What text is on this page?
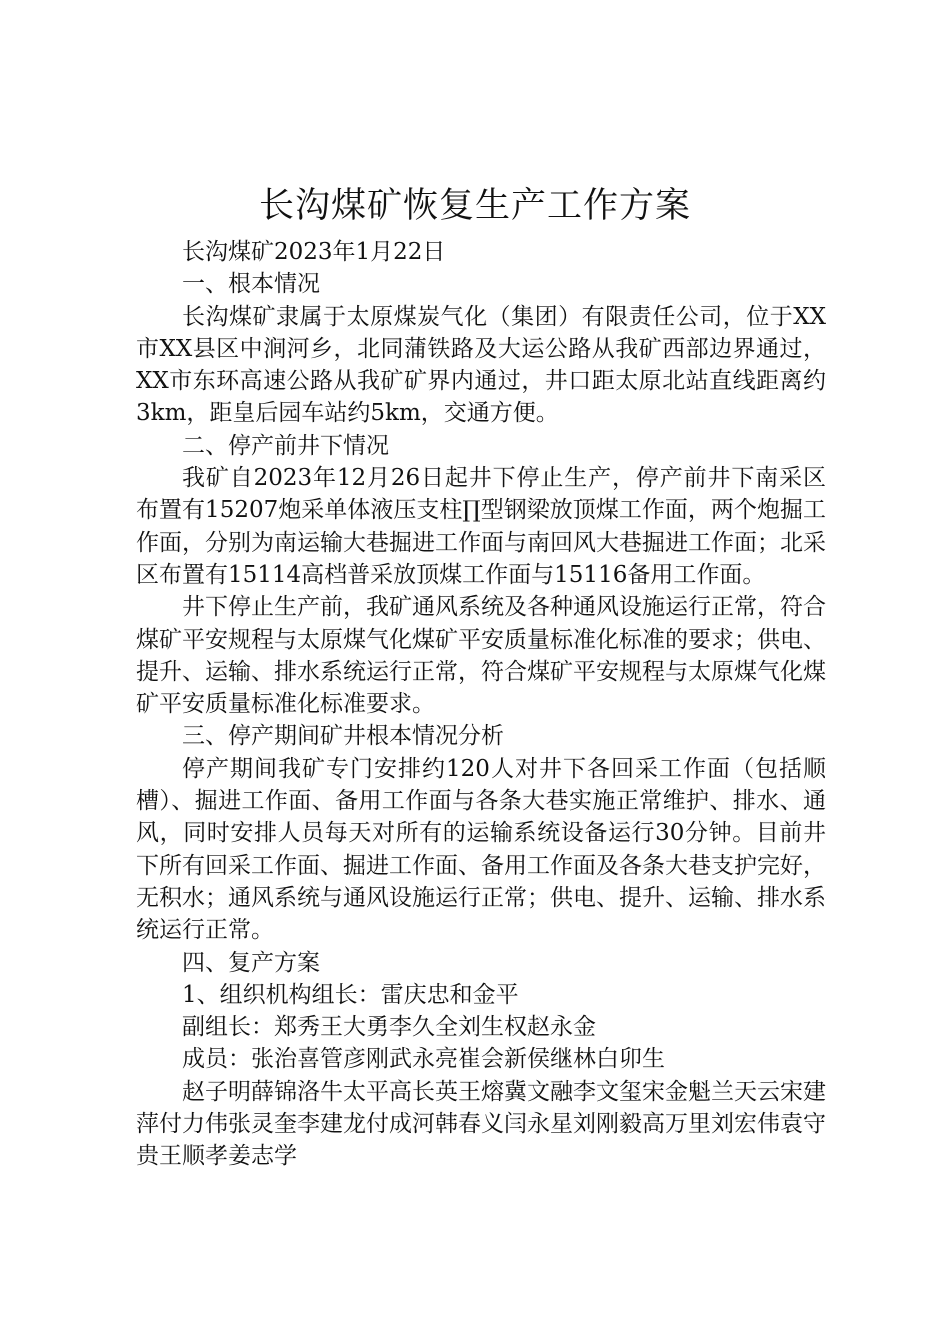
长沟煤矿恢复生产工作方案

长沟煤矿2023年1月22日

一、根本情况

长沟煤矿隶属于太原煤炭气化（集团）有限责任公司，位于XX市XX县区中涧河乡，北同蒲铁路及大运公路从我矿西部边界通过，XX市东环高速公路从我矿矿界内通过，井口距太原北站直线距离约3km，距皇后园车站约5km，交通方便。

二、停产前井下情况

我矿自2023年12月26日起井下停止生产，停产前井下南采区布置有15207炮采单体液压支柱∏型钢梁放顶煤工作面，两个炮掘工作面，分别为南运输大巷掘进工作面与南回风大巷掘进工作面；北采区布置有15114高档普采放顶煤工作面与15116备用工作面。

井下停止生产前，我矿通风系统及各种通风设施运行正常，符合煤矿平安规程与太原煤气化煤矿平安质量标准化标准的要求；供电、提升、运输、排水系统运行正常，符合煤矿平安规程与太原煤气化煤矿平安质量标准化标准要求。

三、停产期间矿井根本情况分析

停产期间我矿专门安排约120人对井下各回采工作面（包括顺槽）、掘进工作面、备用工作面与各条大巷实施正常维护、排水、通风，同时安排人员每天对所有的运输系统设备运行30分钟。目前井下所有回采工作面、掘进工作面、备用工作面及各条大巷支护完好，无积水；通风系统与通风设施运行正常；供电、提升、运输、排水系统运行正常。

四、复产方案

1、组织机构组长：雷庆忠和金平

副组长：郑秀王大勇李久全刘生权赵永金

成员：张治喜管彦刚武永亮崔会新侯继林白卯生

赵子明薛锦洛牛太平高长英王熔冀文融李文玺宋金魁兰天云宋建萍付力伟张灵奎李建龙付成河韩春义闫永星刘刚毅高万里刘宏伟袁守贵王顺孝姜志学
